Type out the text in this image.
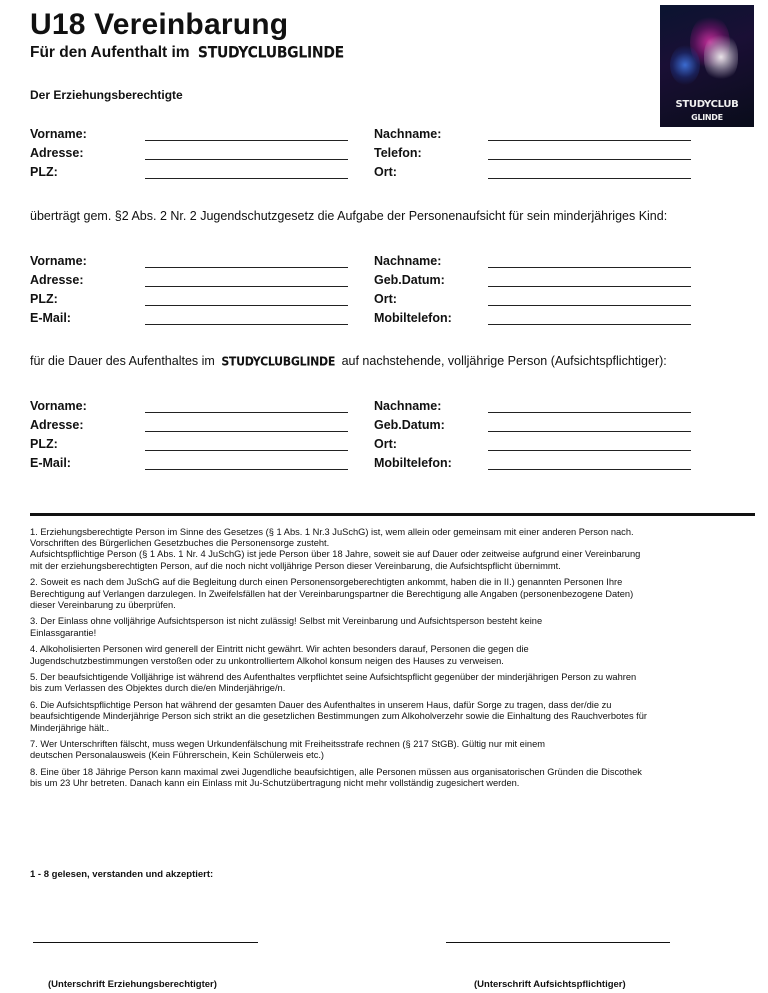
U18 Vereinbarung
Für den Aufenthalt im STUDYCLUBGLINDE
STUDYCLUB
GLINDE
Der Erziehungsberechtigte
Vorname:
Adresse:
PLZ:
Nachname:
Telefon:
Ort:
überträgt gem. §2 Abs. 2 Nr. 2 Jugendschutzgesetz die Aufgabe der Personenaufsicht für sein minderjähriges Kind:
Vorname:
Adresse:
PLZ:
E-Mail:
Nachname:
Geb.Datum:
Ort:
Mobiltelefon:
für die Dauer des Aufenthaltes im STUDYCLUBGLINDE auf nachstehende, volljährige Person (Aufsichtspflichtiger):
Vorname:
Adresse:
PLZ:
E-Mail:
Nachname:
Geb.Datum:
Ort:
Mobiltelefon:

1. Erziehungsberechtigte Person im Sinne des Gesetzes (§ 1 Abs. 1 Nr.3 JuSchG) ist, wem allein oder gemeinsam mit einer anderen Person nach.
Vorschriften des Bürgerlichen Gesetzbuches die Personensorge zusteht.
Aufsichtspflichtige Person (§ 1 Abs. 1 Nr. 4 JuSchG) ist jede Person über 18 Jahre, soweit sie auf Dauer oder zeitweise aufgrund einer Vereinbarung
mit der erziehungsberechtigten Person, auf die noch nicht volljährige Person dieser Vereinbarung, die Aufsichtspflicht übernimmt.

2. Soweit es nach dem JuSchG auf die Begleitung durch einen Personensorgeberechtigten ankommt, haben die in II.) genannten Personen Ihre
Berechtigung auf Verlangen darzulegen. In Zweifelsfällen hat der Vereinbarungspartner die Berechtigung alle Angaben (personenbezogene Daten)
dieser Vereinbarung zu überprüfen.

3. Der Einlass ohne volljährige Aufsichtsperson ist nicht zulässig! Selbst mit Vereinbarung und Aufsichtsperson besteht keine
Einlassgarantie!

4. Alkoholisierten Personen wird generell der Eintritt nicht gewährt. Wir achten besonders darauf, Personen die gegen die
Jugendschutzbestimmungen verstoßen oder zu unkontrolliertem Alkohol konsum neigen des Hauses zu verweisen.

5. Der beaufsichtigende Volljährige ist während des Aufenthaltes verpflichtet seine Aufsichtspflicht gegenüber der minderjährigen Person zu wahren
bis zum Verlassen des Objektes durch die/en Minderjährige/n.

6. Die Aufsichtspflichtige Person hat während der gesamten Dauer des Aufenthaltes in unserem Haus, dafür Sorge zu tragen, dass der/die zu
beaufsichtigende Minderjährige Person sich strikt an die gesetzlichen Bestimmungen zum Alkoholverzehr sowie die Einhaltung des Rauchverbotes für
Minderjährige hält..

7. Wer Unterschriften fälscht, muss wegen Urkundenfälschung mit Freiheitsstrafe rechnen (§ 217 StGB). Gültig nur mit einem
deutschen Personalausweis (Kein Führerschein, Kein Schülerweis etc.)

8. Eine über 18 Jährige Person kann maximal zwei Jugendliche beaufsichtigen, alle Personen müssen aus organisatorischen Gründen die Discothek
bis um 23 Uhr betreten. Danach kann ein Einlass mit Ju-Schutzübertragung nicht mehr vollständig zugesichert werden.

1 - 8 gelesen, verstanden und akzeptiert:
(Unterschrift Erziehungsberechtigter)	(Unterschrift Aufsichtspflichtiger)
